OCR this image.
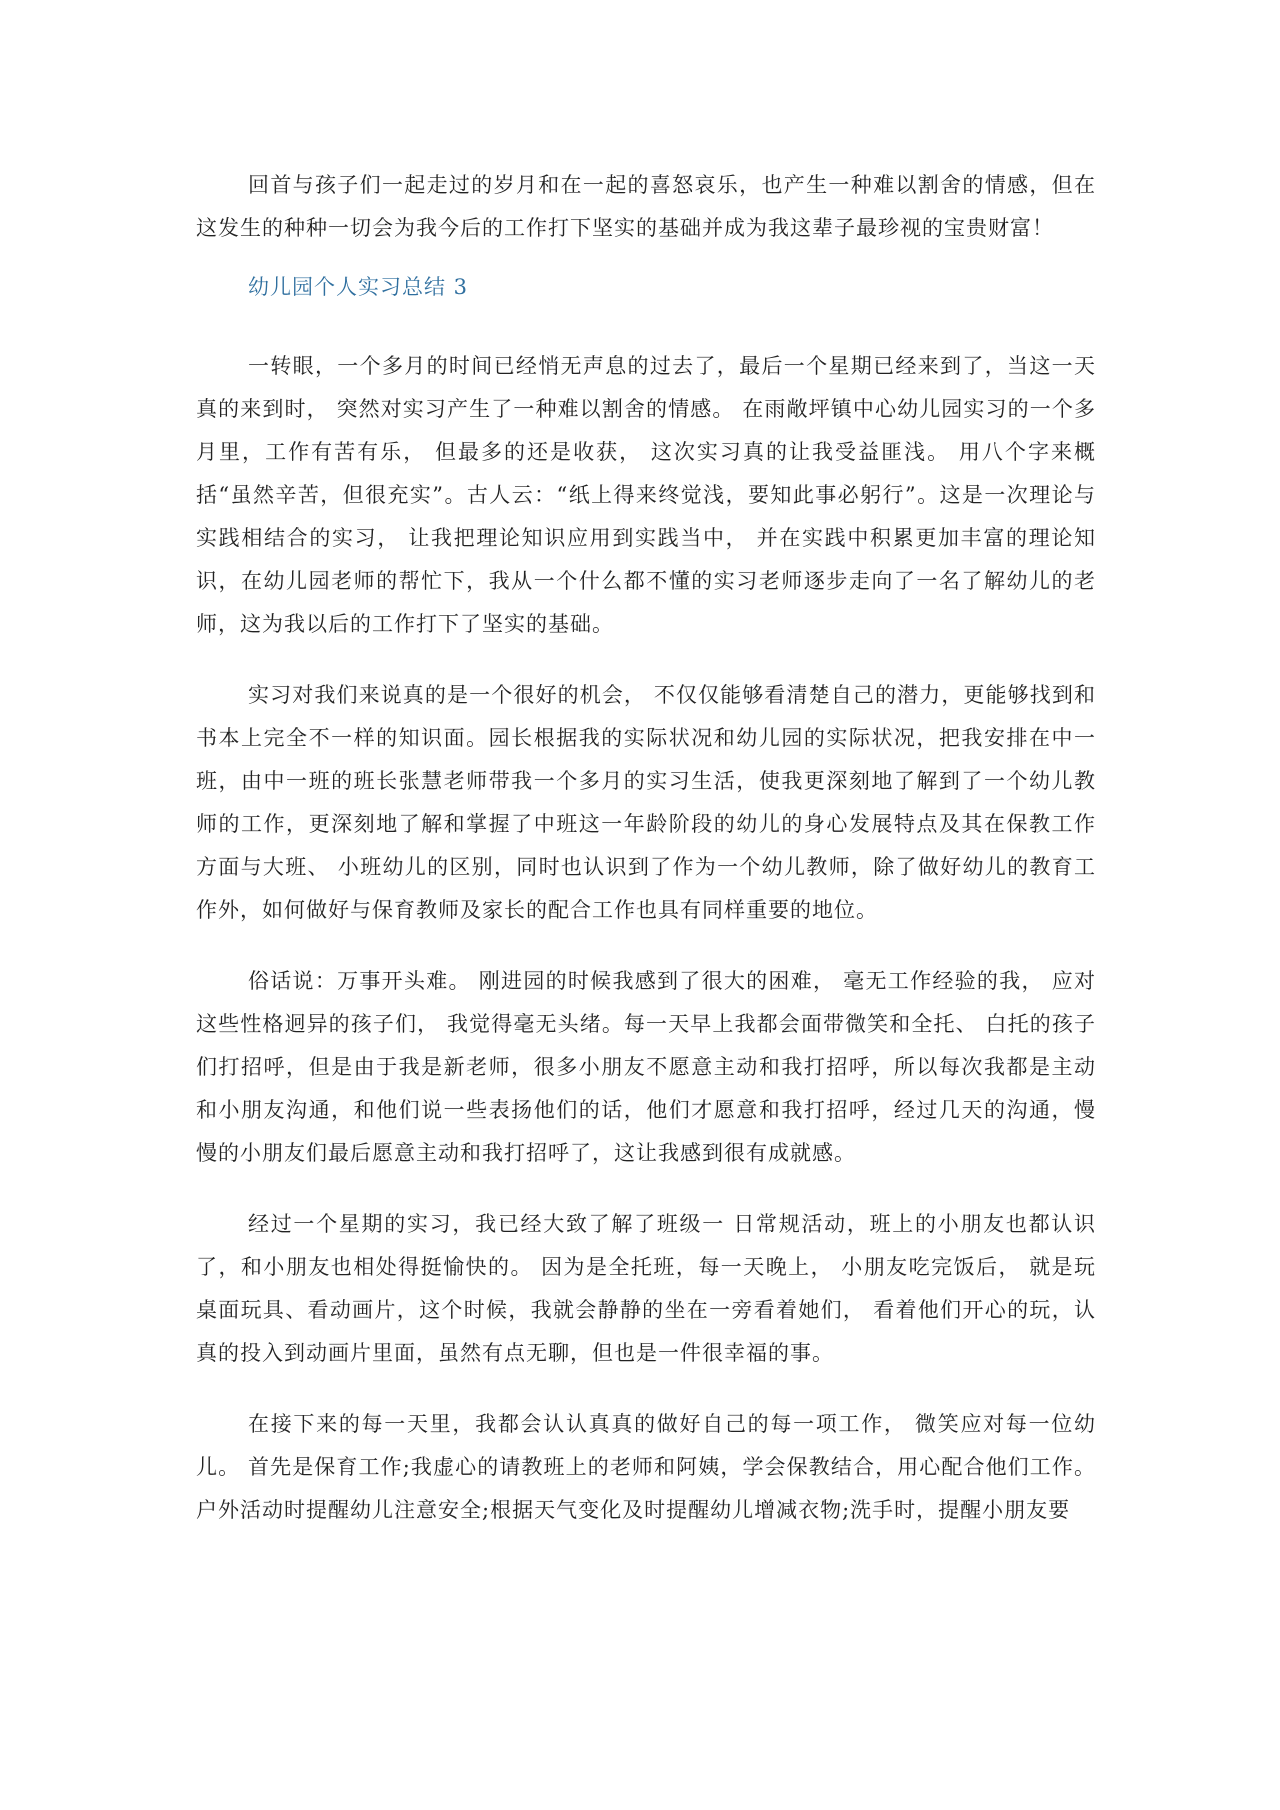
回首与孩子们一起走过的岁月和在一起的喜怒哀乐，也产生一种难以割舍的情感，但在这发生的种种一切会为我今后的工作打下坚实的基础并成为我这辈子最珍视的宝贵财富！

幼儿园个人实习总结 3

一转眼，一个多月的时间已经悄无声息的过去了，最后一个星期已经来到了，当这一天真的来到时， 突然对实习产生了一种难以割舍的情感。 在雨敞坪镇中心幼儿园实习的一个多月里，工作有苦有乐， 但最多的还是收获， 这次实习真的让我受益匪浅。 用八个字来概括“虽然辛苦，但很充实”。古人云：“纸上得来终觉浅，要知此事必躬行”。这是一次理论与实践相结合的实习， 让我把理论知识应用到实践当中， 并在实践中积累更加丰富的理论知识，在幼儿园老师的帮忙下，我从一个什么都不懂的实习老师逐步走向了一名了解幼儿的老师，这为我以后的工作打下了坚实的基础。

实习对我们来说真的是一个很好的机会， 不仅仅能够看清楚自己的潜力，更能够找到和书本上完全不一样的知识面。园长根据我的实际状况和幼儿园的实际状况，把我安排在中一班，由中一班的班长张慧老师带我一个多月的实习生活，使我更深刻地了解到了一个幼儿教师的工作，更深刻地了解和掌握了中班这一年龄阶段的幼儿的身心发展特点及其在保教工作方面与大班、 小班幼儿的区别，同时也认识到了作为一个幼儿教师，除了做好幼儿的教育工作外，如何做好与保育教师及家长的配合工作也具有同样重要的地位。

俗话说：万事开头难。 刚进园的时候我感到了很大的困难， 毫无工作经验的我， 应对这些性格迥异的孩子们， 我觉得毫无头绪。每一天早上我都会面带微笑和全托、 白托的孩子们打招呼，但是由于我是新老师，很多小朋友不愿意主动和我打招呼，所以每次我都是主动和小朋友沟通，和他们说一些表扬他们的话，他们才愿意和我打招呼，经过几天的沟通，慢慢的小朋友们最后愿意主动和我打招呼了，这让我感到很有成就感。

经过一个星期的实习，我已经大致了解了班级一 日常规活动，班上的小朋友也都认识了，和小朋友也相处得挺愉快的。 因为是全托班，每一天晚上， 小朋友吃完饭后， 就是玩桌面玩具、看动画片，这个时候，我就会静静的坐在一旁看着她们， 看着他们开心的玩，认真的投入到动画片里面，虽然有点无聊，但也是一件很幸福的事。

在接下来的每一天里，我都会认认真真的做好自己的每一项工作， 微笑应对每一位幼儿。 首先是保育工作;我虚心的请教班上的老师和阿姨，学会保教结合，用心配合他们工作。户外活动时提醒幼儿注意安全;根据天气变化及时提醒幼儿增减衣物;洗手时，提醒小朋友要
